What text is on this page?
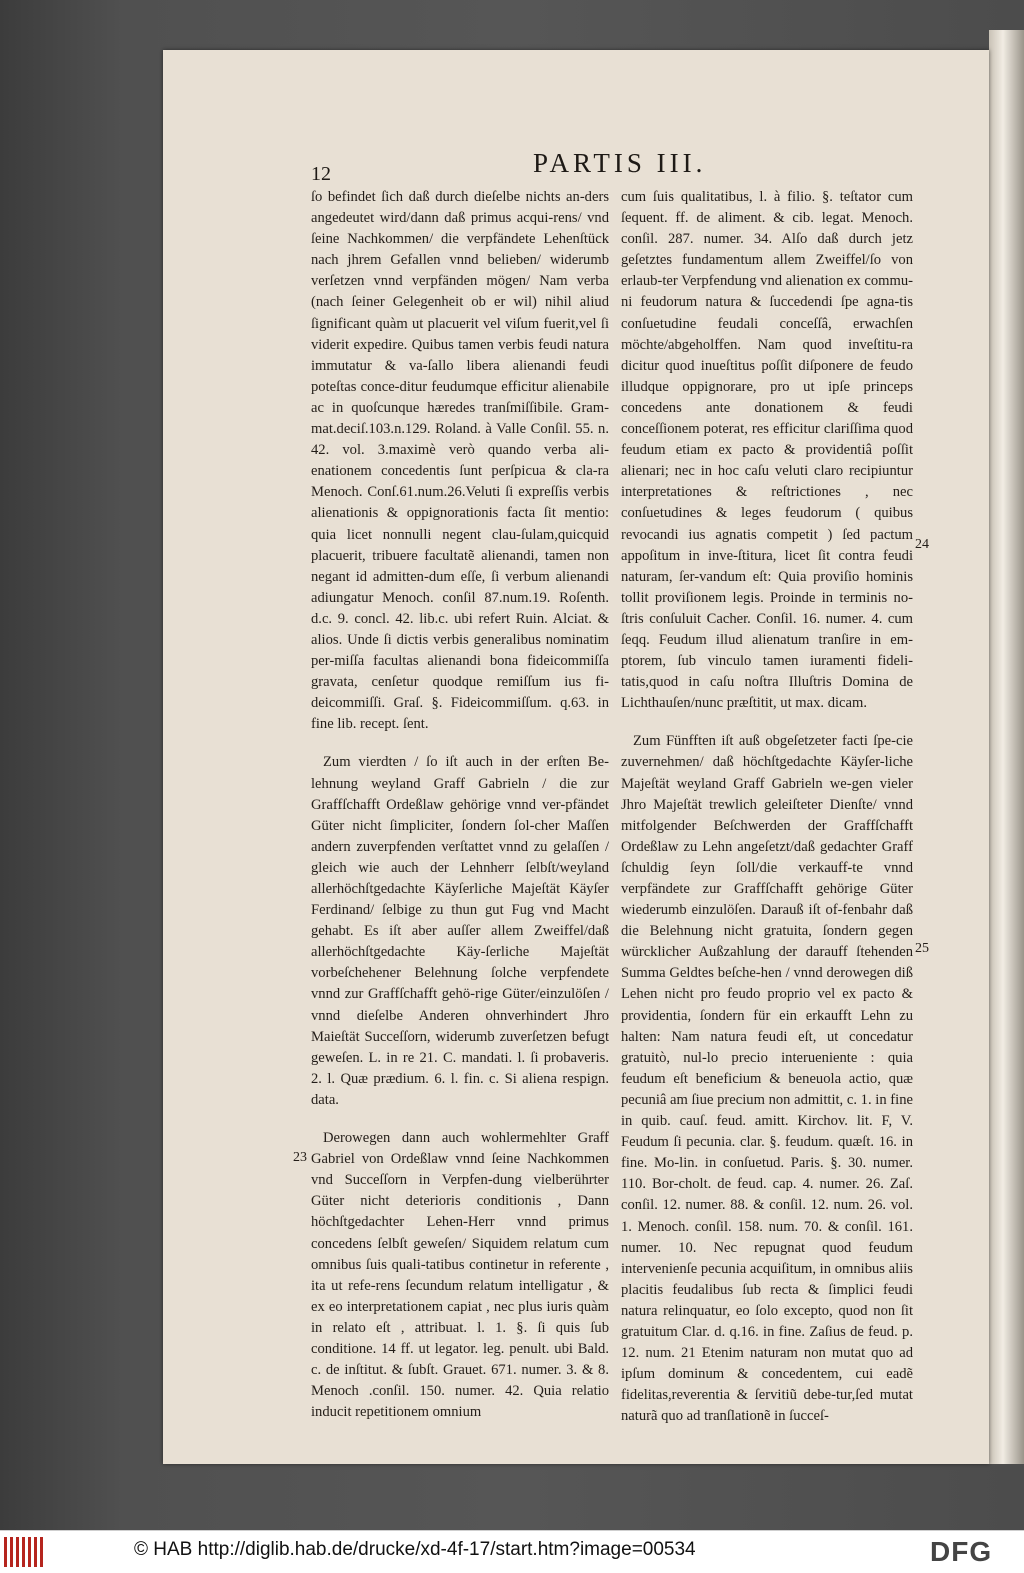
12	PARTIS III.

ſo befindet ſich daß durch dieſelbe nichts an-ders angedeutet wird/dann daß primus acqui-rens/ vnd ſeine Nachkommen/ die verpfändete Lehenſtück nach jhrem Gefallen vnnd belieben/ widerumb verſetzen vnnd verpfänden mögen/ Nam verba (nach ſeiner Gelegenheit ob er wil) nihil aliud ſignificant quàm ut placuerit vel viſum fuerit,vel ſi viderit expedire. Quibus tamen verbis feudi natura immutatur & va-ſallo libera alienandi feudi poteſtas conce-ditur feudumque efficitur alienabile ac in quoſcunque hæredes tranſmiſſibile. Gram-mat.deciſ.103.n.129. Roland. à Valle Conſil. 55. n. 42. vol. 3.maximè verò quando verba ali-enationem concedentis ſunt perſpicua & cla-ra Menoch. Conſ.61.num.26.Veluti ſi expreſſis verbis alienationis & oppignorationis facta ſit mentio: quia licet nonnulli negent clau-ſulam,quicquid placuerit, tribuere facultatẽ alienandi, tamen non negant id admitten-dum eſſe, ſi verbum alienandi adiungatur Menoch. conſil 87.num.19. Roſenth. d.c. 9. concl. 42. lib.c. ubi refert Ruin. Alciat. & alios. Unde ſi dictis verbis generalibus nominatim per-miſſa facultas alienandi bona fideicommiſſa gravata, cenſetur quodque remiſſum ius fi-deicommiſſi. Graſ. §. Fideicommiſſum. q.63. in fine lib. recept. ſent.

Zum vierdten / ſo iſt auch in der erſten Be-lehnung weyland Graff Gabrieln / die zur Graffſchafft Ordeßlaw gehörige vnnd ver-pfändet Güter nicht ſimpliciter, ſondern ſol-cher Maſſen andern zuverpfenden verſtattet vnnd zu gelaſſen / gleich wie auch der Lehnherr ſelbſt/weyland allerhöchſtgedachte Käyſerliche Majeſtät Käyſer Ferdinand/ ſelbige zu thun gut Fug vnd Macht gehabt. Es iſt aber auſſer allem Zweiffel/daß allerhöchſtgedachte Käy-ſerliche Majeſtät vorbeſchehener Belehnung ſolche verpfendete vnnd zur Graffſchafft gehö-rige Güter/einzulöſen / vnnd dieſelbe Anderen ohnverhindert Jhro Maieſtät Succeſſorn, widerumb zuverſetzen befugt geweſen. L. in re 21. C. mandati. l. ſi probaveris. 2. l. Quæ prædium. 6. l. fin. c. Si aliena respign. data.

Derowegen dann auch wohlermehlter Graff Gabriel von Ordeßlaw vnnd ſeine Nachkommen vnd Succeſſorn in Verpfen-dung vielberührter Güter nicht deterioris conditionis , Dann höchſtgedachter Lehen-Herr vnnd primus concedens ſelbſt geweſen/ Siquidem relatum cum omnibus ſuis quali-tatibus continetur in referente , ita ut refe-rens ſecundum relatum intelligatur , & ex eo interpretationem capiat , nec plus iuris quàm in relato eſt , attribuat. l. 1. §. ſi quis ſub conditione. 14 ff. ut legator. leg. penult. ubi Bald. c. de inſtitut. & ſubſt. Grauet. 671. numer. 3. & 8. Menoch .conſil. 150. numer. 42. Quia relatio inducit repetitionem omnium

cum ſuis qualitatibus, l. à filio. §. teſtator cum ſequent. ff. de aliment. & cib. legat. Menoch. conſil. 287. numer. 34. Alſo daß durch jetz geſetztes fundamentum allem Zweiffel/ſo von erlaub-ter Verpfendung vnd alienation ex commu-ni feudorum natura & ſuccedendi ſpe agna-tis conſuetudine feudali conceſſâ, erwachſen möchte/abgeholffen. Nam quod inveſtitu-ra dicitur quod inueſtitus poſſit diſponere de feudo illudque oppignorare, pro ut ipſe princeps concedens ante donationem & feudi conceſſionem poterat, res efficitur clariſſima quod feudum etiam ex pacto & providentiâ poſſit alienari; nec in hoc caſu veluti claro recipiuntur interpretationes & reſtrictiones , nec conſuetudines & leges feudorum ( quibus revocandi ius agnatis competit ) ſed pactum appoſitum in inve-ſtitura, licet ſit contra feudi naturam, ſer-vandum eſt: Quia proviſio hominis tollit proviſionem legis. Proinde in terminis no-ſtris conſuluit Cacher. Conſil. 16. numer. 4. cum ſeqq. Feudum illud alienatum tranſire in em-ptorem, ſub vinculo tamen iuramenti fideli-tatis,quod in caſu noſtra Illuſtris Domina de Lichthauſen/nunc præſtitit, ut max. dicam.

Zum Fünfften iſt auß obgeſetzeter facti ſpe-cie zuvernehmen/ daß höchſtgedachte Käyſer-liche Majeſtät weyland Graff Gabrieln we-gen vieler Jhro Majeſtät trewlich geleiſteter Dienſte/ vnnd mitfolgender Beſchwerden der Graffſchafft Ordeßlaw zu Lehn angeſetzt/daß gedachter Graff ſchuldig ſeyn ſoll/die verkauff-te vnnd verpfändete zur Graffſchafft gehörige Güter wiederumb einzulöſen. Darauß iſt of-fenbahr daß die Belehnung nicht gratuita, ſondern gegen würcklicher Außzahlung der darauff ſtehenden Summa Geldtes beſche-hen / vnnd derowegen diß Lehen nicht pro feudo proprio vel ex pacto & providentia, ſondern für ein erkaufft Lehn zu halten: Nam natura feudi eſt, ut concedatur gratuitò, nul-lo precio interueniente : quia feudum eſt beneficium & beneuola actio, quæ pecuniâ am ſiue precium non admittit, c. 1. in fine in quib. cauſ. feud. amitt. Kirchov. lit. F, V. Feudum ſi pecunia. clar. §. feudum. quæſt. 16. in fine. Mo-lin. in conſuetud. Paris. §. 30. numer. 110. Bor-cholt. de feud. cap. 4. numer. 26. Zaſ. conſil. 12. numer. 88. & conſil. 12. num. 26. vol. 1. Menoch. conſil. 158. num. 70. & conſil. 161. numer. 10. Nec repugnat quod feudum intervenienſe pecunia acquiſitum, in omnibus aliis placitis feudalibus ſub recta & ſimplici feudi natura relinquatur, eo ſolo excepto, quod non ſit gratuitum Clar. d. q.16. in fine. Zaſius de feud. p. 12. num. 21 Etenim naturam non mutat quo ad ipſum dominum & concedentem, cui eadẽ fidelitas,reverentia & ſervitiũ debe-tur,ſed mutat naturã quo ad tranſlationẽ in ſucceſ-

23
24
25
© HAB http://diglib.hab.de/drucke/xd-4f-17/start.htm?image=00534	DFG
